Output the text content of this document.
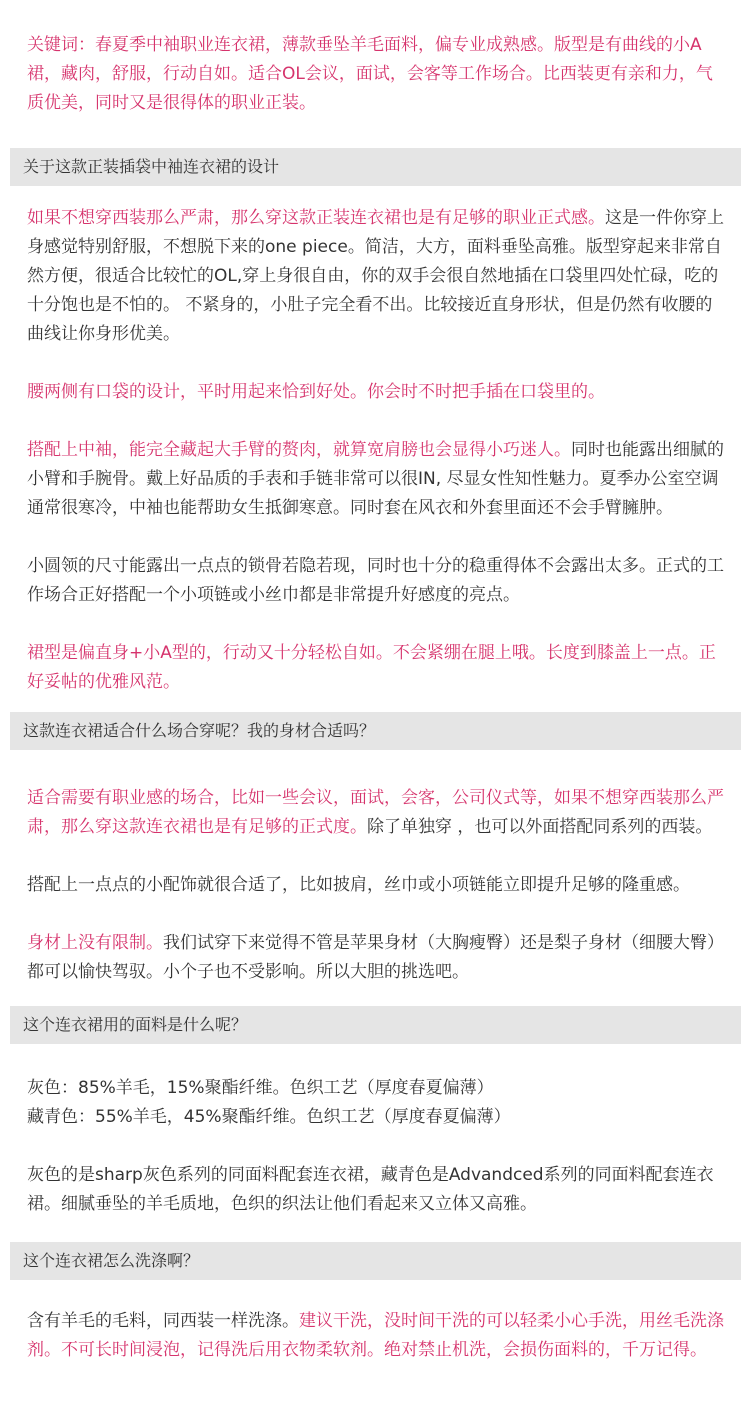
关键词：春夏季中袖职业连衣裙，薄款垂坠羊毛面料，偏专业成熟感。版型是有曲线的小A裙，藏肉，舒服，行动自如。适合OL会议，面试，会客等工作场合。比西装更有亲和力，气质优美，同时又是很得体的职业正装。

关于这款正装插袋中袖连衣裙的设计

如果不想穿西装那么严肃，那么穿这款正装连衣裙也是有足够的职业正式感。这是一件你穿上身感觉特别舒服，不想脱下来的one piece。简洁，大方，面料垂坠高雅。版型穿起来非常自然方便，很适合比较忙的OL,穿上身很自由，你的双手会很自然地插在口袋里四处忙碌，吃的十分饱也是不怕的。 不紧身的，小肚子完全看不出。比较接近直身形状，但是仍然有收腰的曲线让你身形优美。

腰两侧有口袋的设计，平时用起来恰到好处。你会时不时把手插在口袋里的。

搭配上中袖，能完全藏起大手臂的赘肉，就算宽肩膀也会显得小巧迷人。同时也能露出细腻的小臂和手腕骨。戴上好品质的手表和手链非常可以很IN, 尽显女性知性魅力。夏季办公室空调通常很寒冷，中袖也能帮助女生抵御寒意。同时套在风衣和外套里面还不会手臂臃肿。

小圆领的尺寸能露出一点点的锁骨若隐若现，同时也十分的稳重得体不会露出太多。正式的工作场合正好搭配一个小项链或小丝巾都是非常提升好感度的亮点。

裙型是偏直身+小A型的，行动又十分轻松自如。不会紧绷在腿上哦。长度到膝盖上一点。正好妥帖的优雅风范。

这款连衣裙适合什么场合穿呢？我的身材合适吗？

适合需要有职业感的场合，比如一些会议，面试，会客，公司仪式等，如果不想穿西装那么严肃，那么穿这款连衣裙也是有足够的正式度。除了单独穿 ，也可以外面搭配同系列的西装。

搭配上一点点的小配饰就很合适了，比如披肩，丝巾或小项链能立即提升足够的隆重感。

身材上没有限制。我们试穿下来觉得不管是苹果身材（大胸瘦臀）还是梨子身材（细腰大臀）都可以愉快驾驭。小个子也不受影响。所以大胆的挑选吧。

这个连衣裙用的面料是什么呢？

灰色：85%羊毛，15%聚酯纤维。色织工艺（厚度春夏偏薄）

藏青色：55%羊毛，45%聚酯纤维。色织工艺（厚度春夏偏薄）

灰色的是sharp灰色系列的同面料配套连衣裙，藏青色是Advandced系列的同面料配套连衣裙。细腻垂坠的羊毛质地，色织的织法让他们看起来又立体又高雅。

这个连衣裙怎么洗涤啊？

含有羊毛的毛料，同西装一样洗涤。建议干洗，没时间干洗的可以轻柔小心手洗，用丝毛洗涤剂。不可长时间浸泡，记得洗后用衣物柔软剂。绝对禁止机洗，会损伤面料的，千万记得。
